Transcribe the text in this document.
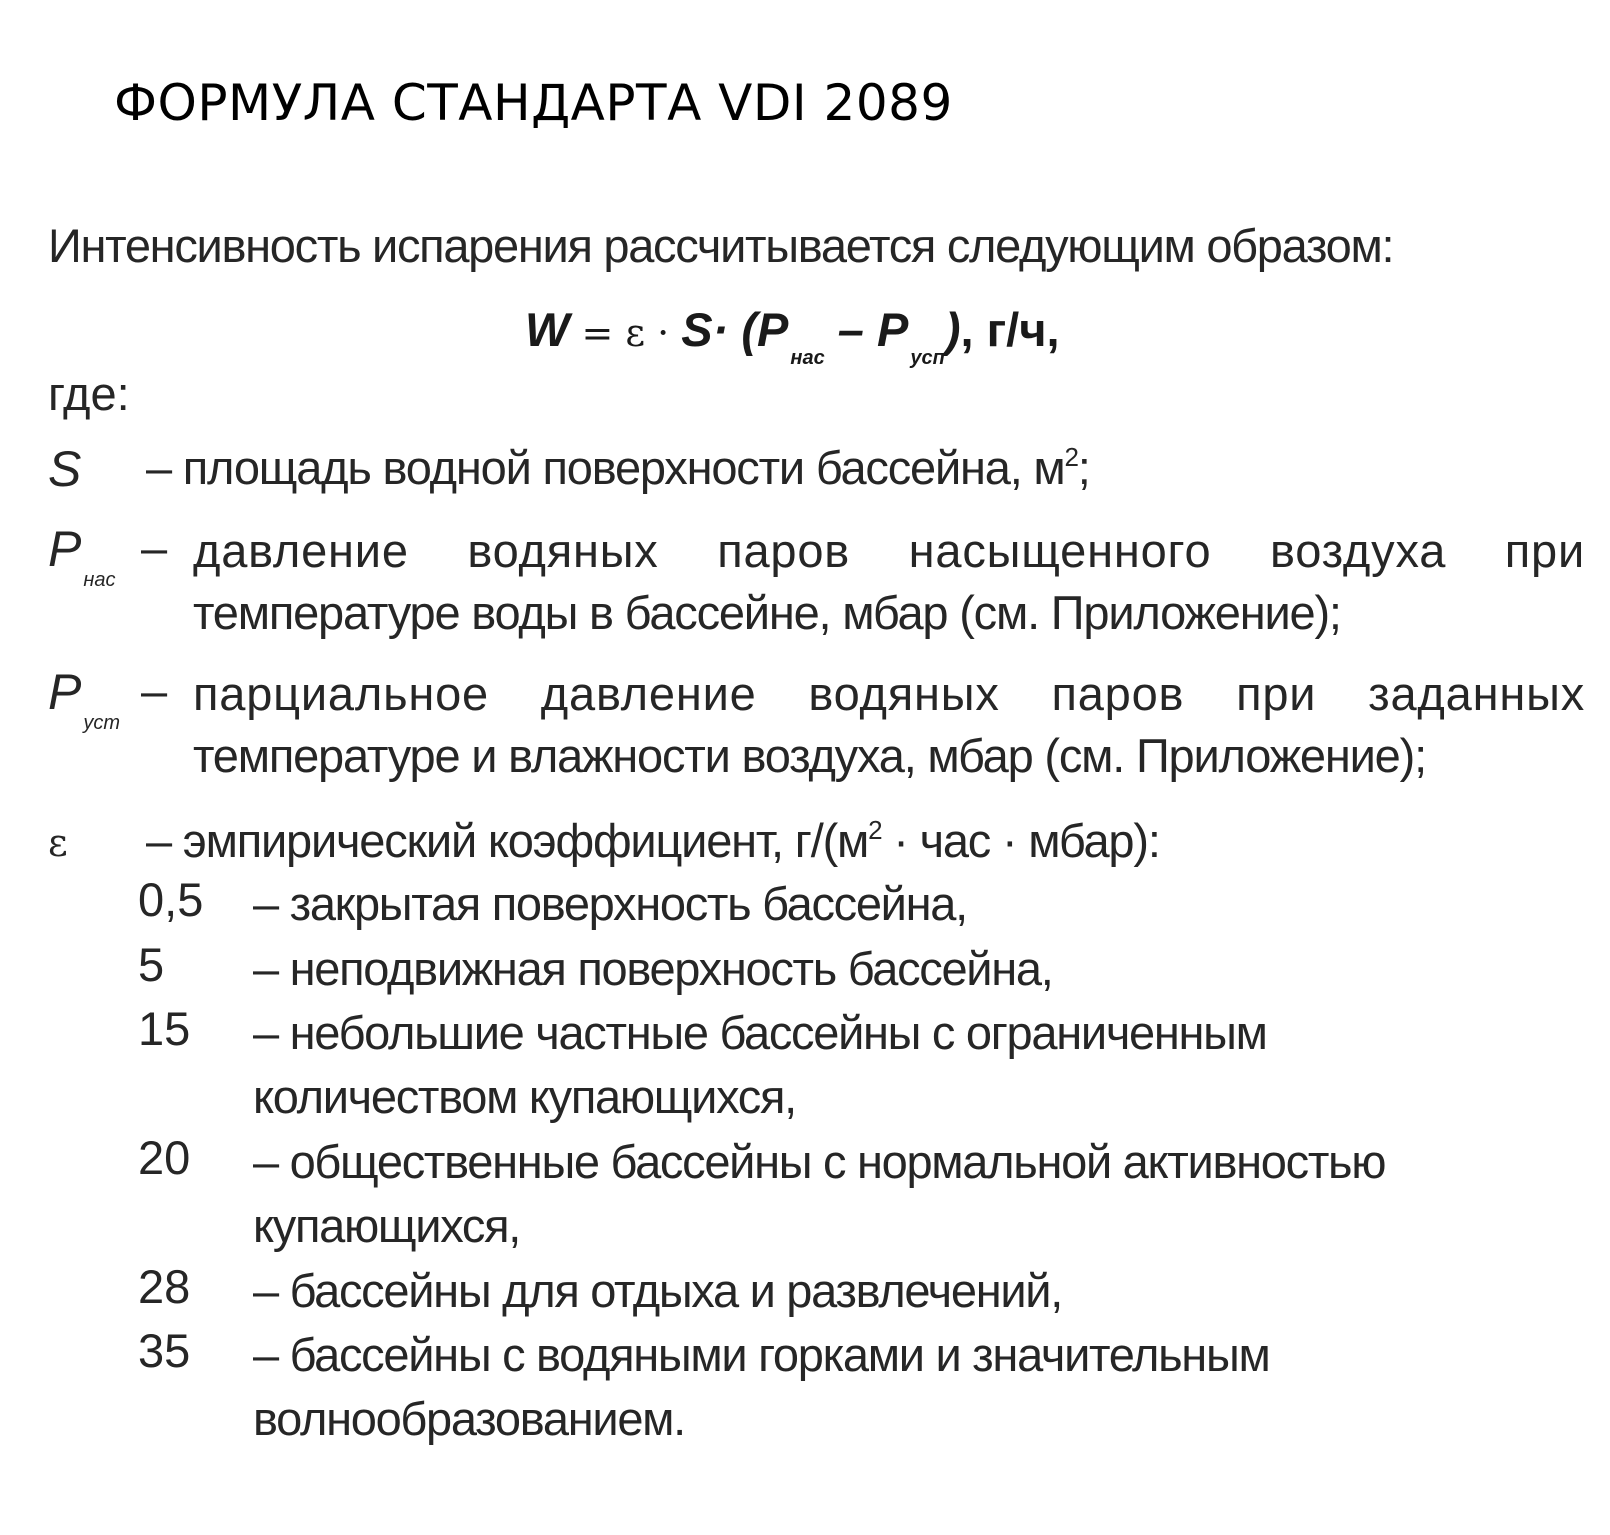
ФОРМУЛА СТАНДАРТА VDI 2089
Интенсивность испарения рассчитывается следующим образом:
$W = \varepsilon \cdot S\cdot (P_{нас} - P_{усп})$, г/ч,
где:
S – площадь водной поверхности бассейна, $м^2$;
$P_{нас}$
– давление водяных паров насыщенного воздуха при
температуре воды в бассейне, мбар (см. Приложение);
$P_{уст}$
– парциальное давление водяных паров при заданных
температуре и влажности воздуха, мбар (см. Приложение);
ε – эмпирический коэффициент, $г/(м^2$ · час · мбар):
0,5 – закрытая поверхность бассейна,
5 – неподвижная поверхность бассейна,
15 – небольшие частные бассейны с ограниченным количеством купающихся,
20 – общественные бассейны с нормальной активностью купающихся,
28 – бассейны для отдыха и развлечений,
35 – бассейны с водяными горками и значительным волнообразованием.
